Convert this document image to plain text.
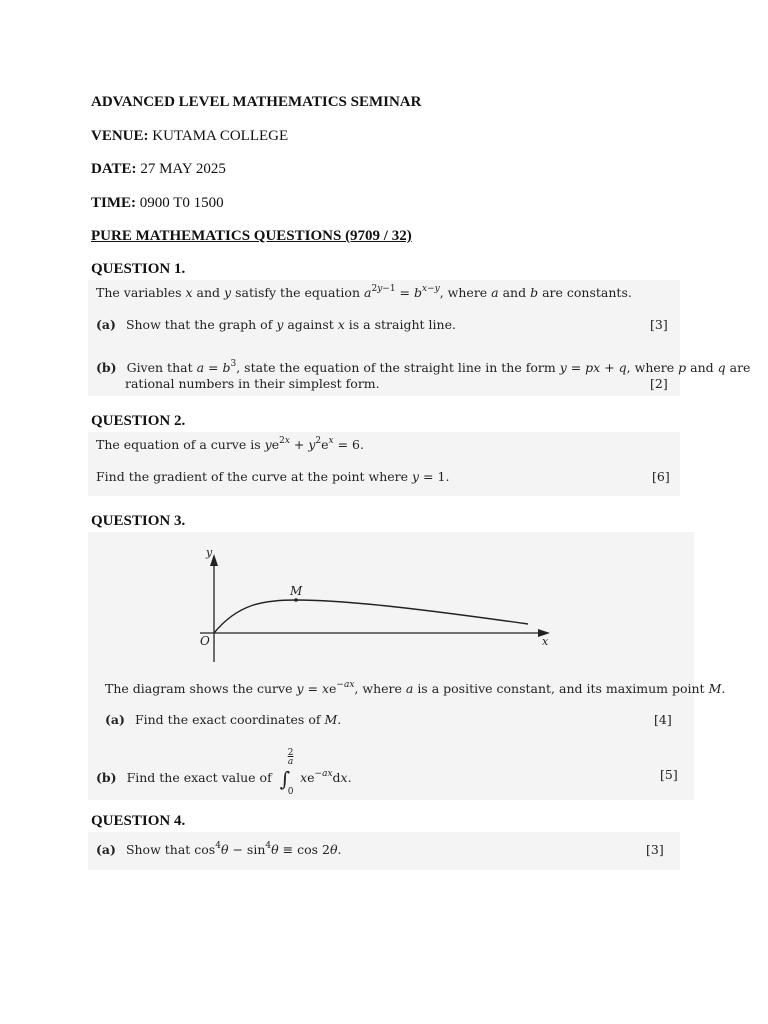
ADVANCED LEVEL MATHEMATICS SEMINAR
VENUE: KUTAMA COLLEGE
DATE: 27 MAY 2025
TIME: 0900 T0 1500
PURE MATHEMATICS QUESTIONS (9709 / 32)
QUESTION 1.
The variables x and y satisfy the equation $a^{2y-1} = b^{x-y}$, where a and b are constants.
(a) Show that the graph of y against x is a straight line.	[3]
(b) Given that $a = b^3$, state the equation of the straight line in the form y = px + q, where p and q are
rational numbers in their simplest form.	[2]
QUESTION 2.
The equation of a curve is $ye^{2x} + y^2e^x = 6$.
Find the gradient of the curve at the point where y = 1.	[6]
QUESTION 3.
y
x
O
M
The diagram shows the curve $y = xe^{-ax}$, where a is a positive constant, and its maximum point M.
(a) Find the exact coordinates of M.	[4]
(b) Find the exact value of ∫
2
a
0
$xe^{-ax}dx$.	[5]
QUESTION 4.
(a) Show that $\cos^4\theta - \sin^4\theta \equiv \cos 2\theta$.	[3]
